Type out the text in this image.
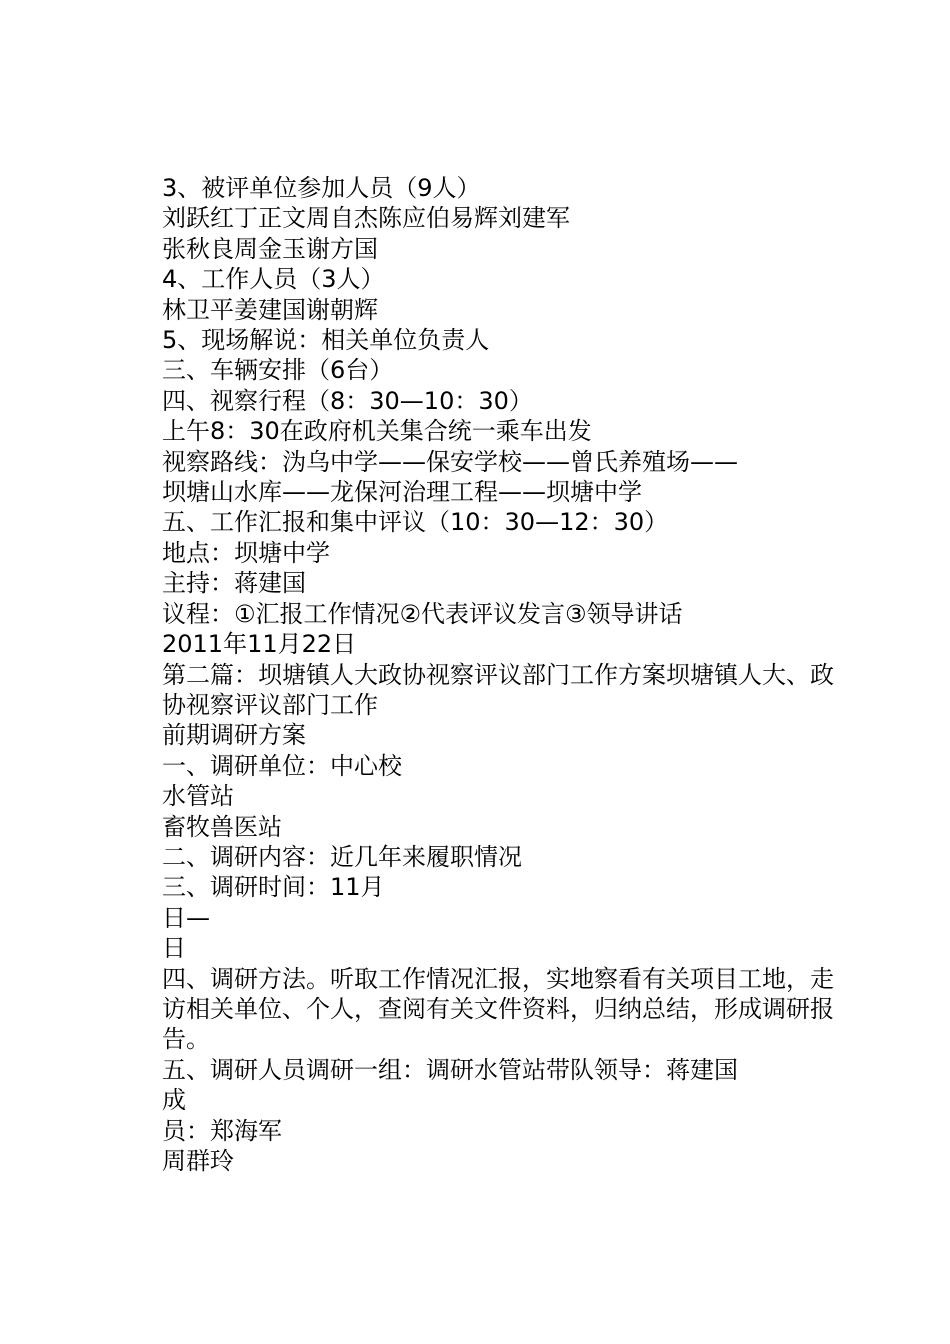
3、被评单位参加人员（9人）
刘跃红丁正文周自杰陈应伯易辉刘建军
张秋良周金玉谢方国
4、工作人员（3人）
林卫平姜建国谢朝辉
5、现场解说：相关单位负责人
三、车辆安排（6台）
四、视察行程（8：30—10：30）
上午8：30在政府机关集合统一乘车出发
视察路线：沩乌中学——保安学校——曾氏养殖场——
坝塘山水库——龙保河治理工程——坝塘中学
五、工作汇报和集中评议（10：30—12：30）
地点：坝塘中学
主持：蒋建国
议程：①汇报工作情况②代表评议发言③领导讲话
2011年11月22日
第二篇：坝塘镇人大政协视察评议部门工作方案坝塘镇人大、政协视察评议部门工作
前期调研方案
一、调研单位：中心校
水管站
畜牧兽医站
二、调研内容：近几年来履职情况
三、调研时间：11月
日—
日
四、调研方法。听取工作情况汇报，实地察看有关项目工地，走访相关单位、个人，查阅有关文件资料，归纳总结，形成调研报告。
五、调研人员调研一组：调研水管站带队领导：蒋建国
成
员：郑海军
周群玲
